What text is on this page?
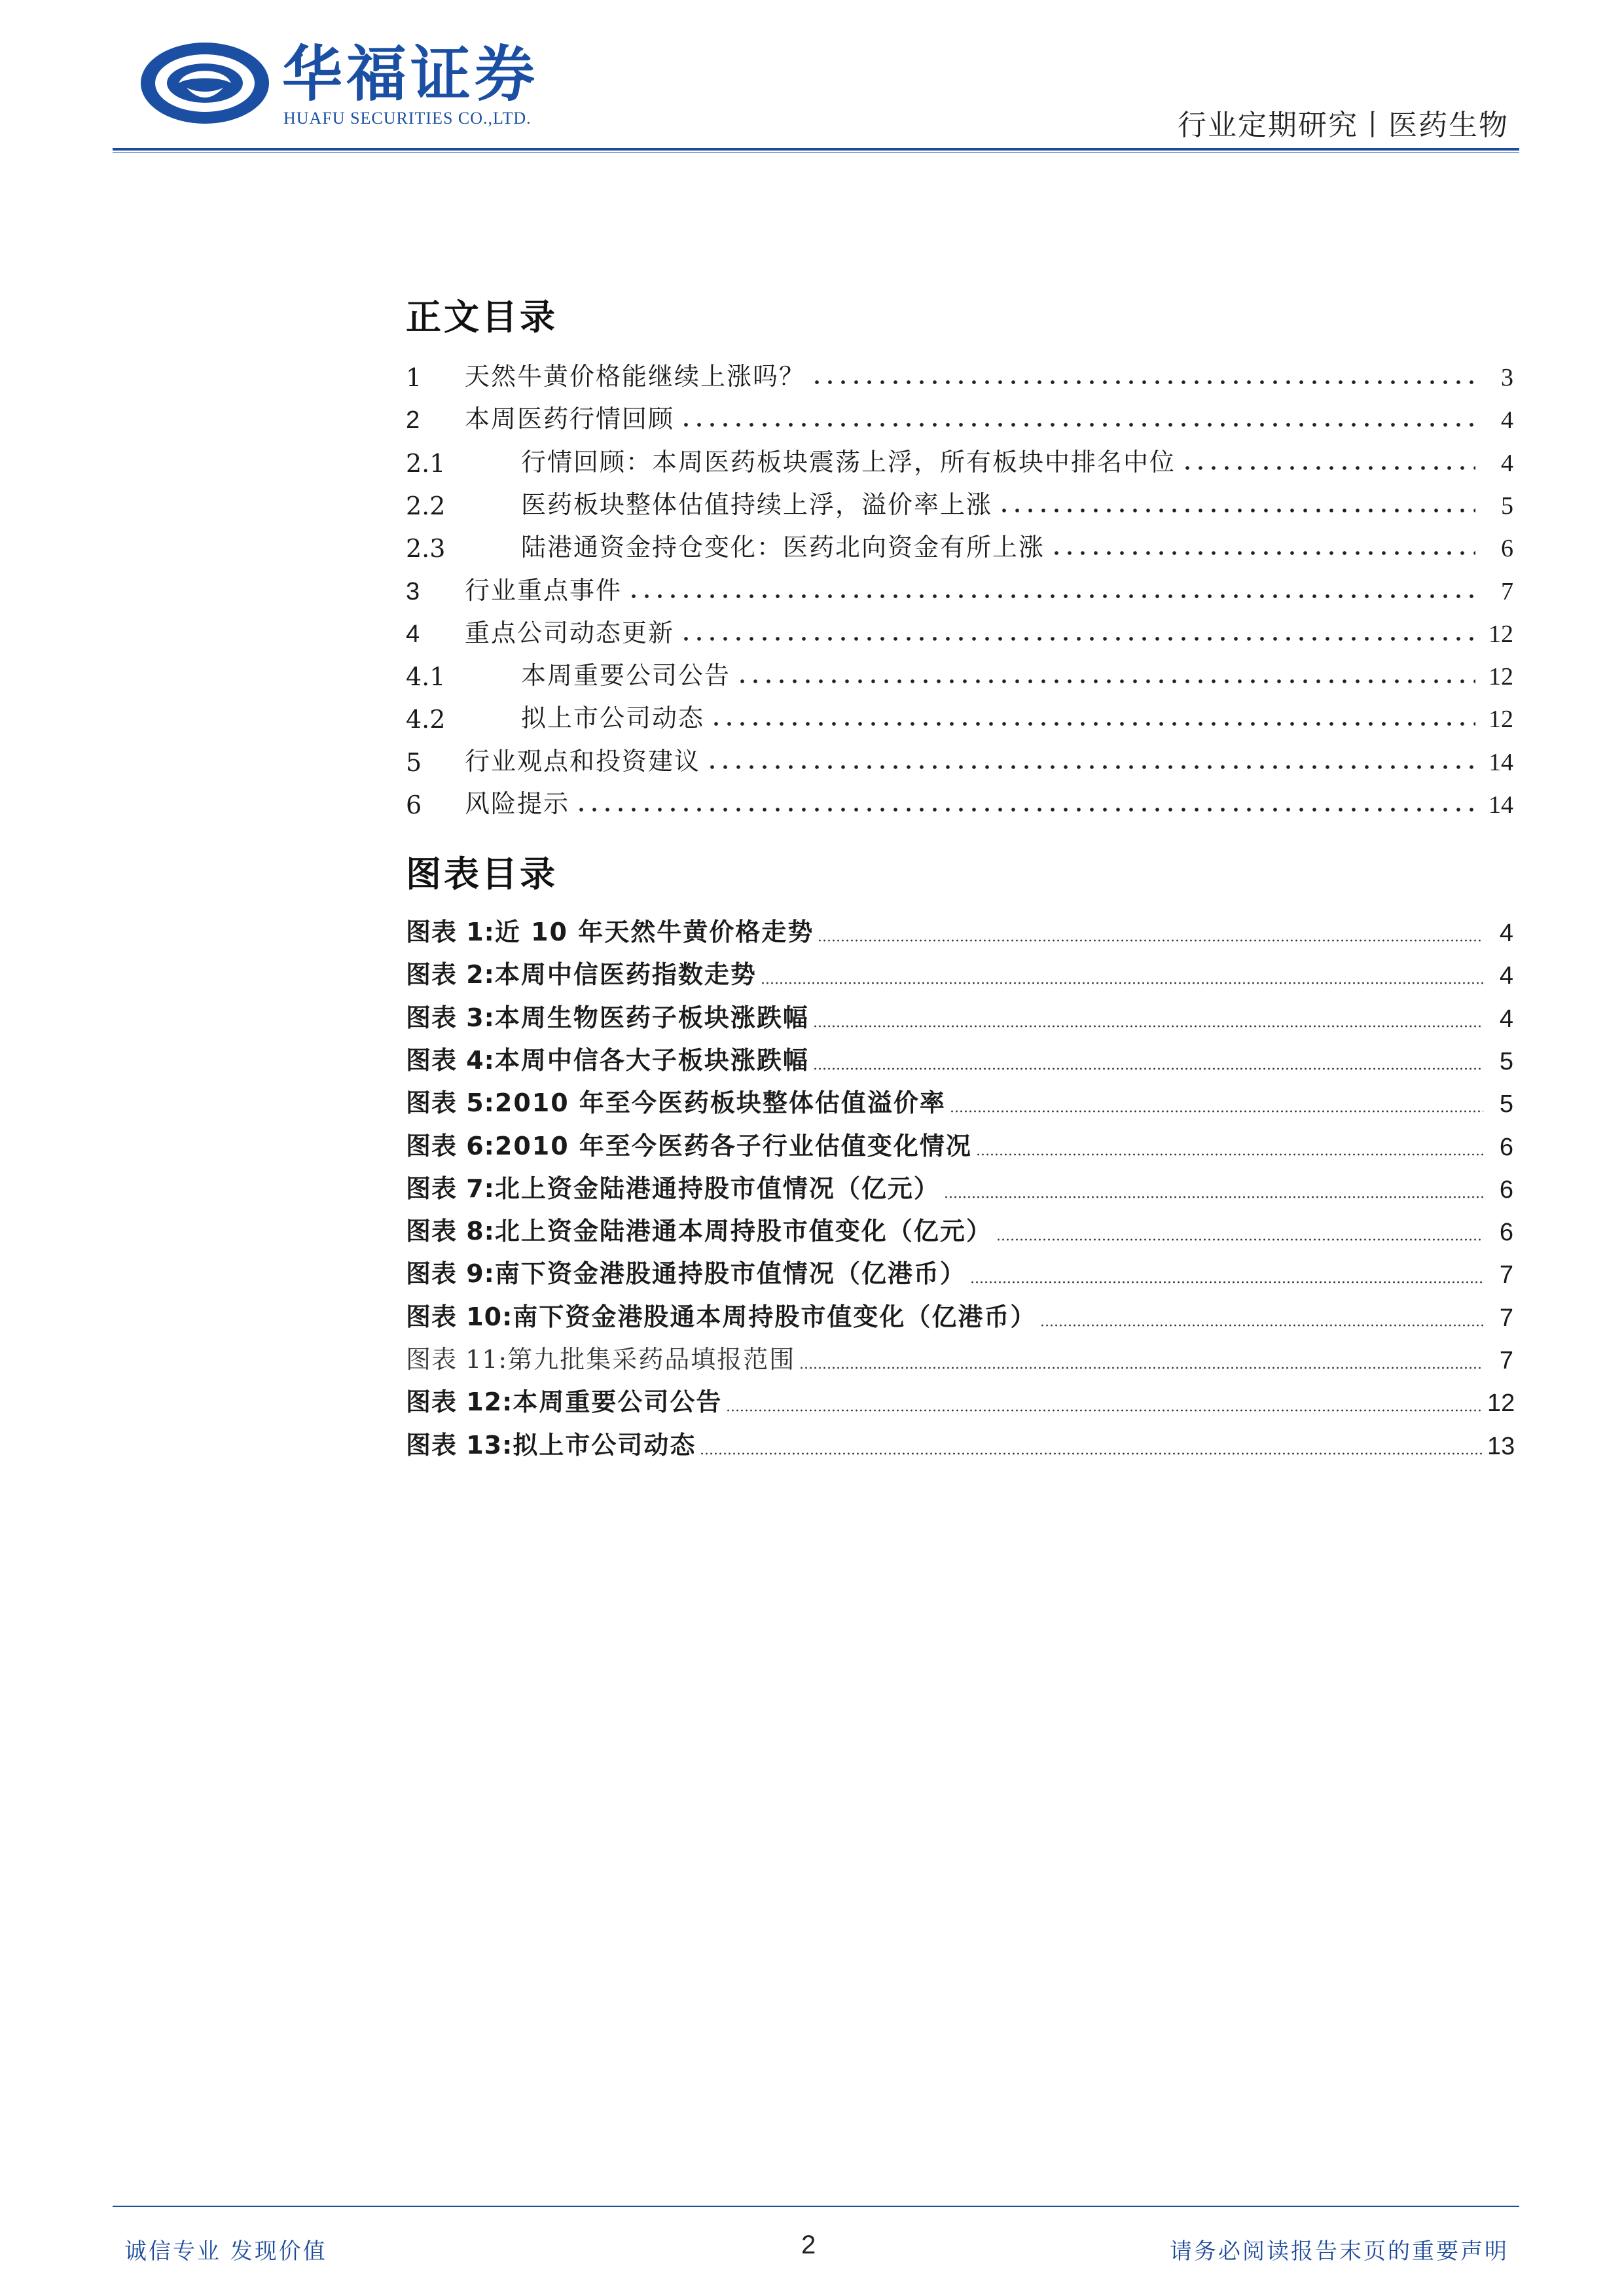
华福证券
HUAFU SECURITIES CO.,LTD.	行业定期研究丨医药生物
正文目录
1	天然牛黄价格能继续上涨吗？	3
2	本周医药行情回顾	4
2.1	行情回顾：本周医药板块震荡上浮，所有板块中排名中位	4
2.2	医药板块整体估值持续上浮，溢价率上涨	5
2.3	陆港通资金持仓变化：医药北向资金有所上涨	6
3	行业重点事件	7
4	重点公司动态更新	12
4.1	本周重要公司公告	12
4.2	拟上市公司动态	12
5	行业观点和投资建议	14
6	风险提示	14
图表目录
图表 1: 近 10 年天然牛黄价格走势	4
图表 2: 本周中信医药指数走势	4
图表 3: 本周生物医药子板块涨跌幅	4
图表 4: 本周中信各大子板块涨跌幅	5
图表 5: 2010 年至今医药板块整体估值溢价率	5
图表 6: 2010 年至今医药各子行业估值变化情况	6
图表 7: 北上资金陆港通持股市值情况（亿元）	6
图表 8: 北上资金陆港通本周持股市值变化（亿元）	6
图表 9: 南下资金港股通持股市值情况（亿港币）	7
图表 10: 南下资金港股通本周持股市值变化（亿港币）	7
图表 11: 第九批集采药品填报范围	7
图表 12: 本周重要公司公告	12
图表 13: 拟上市公司动态	13
诚信专业 发现价值	2	请务必阅读报告末页的重要声明
